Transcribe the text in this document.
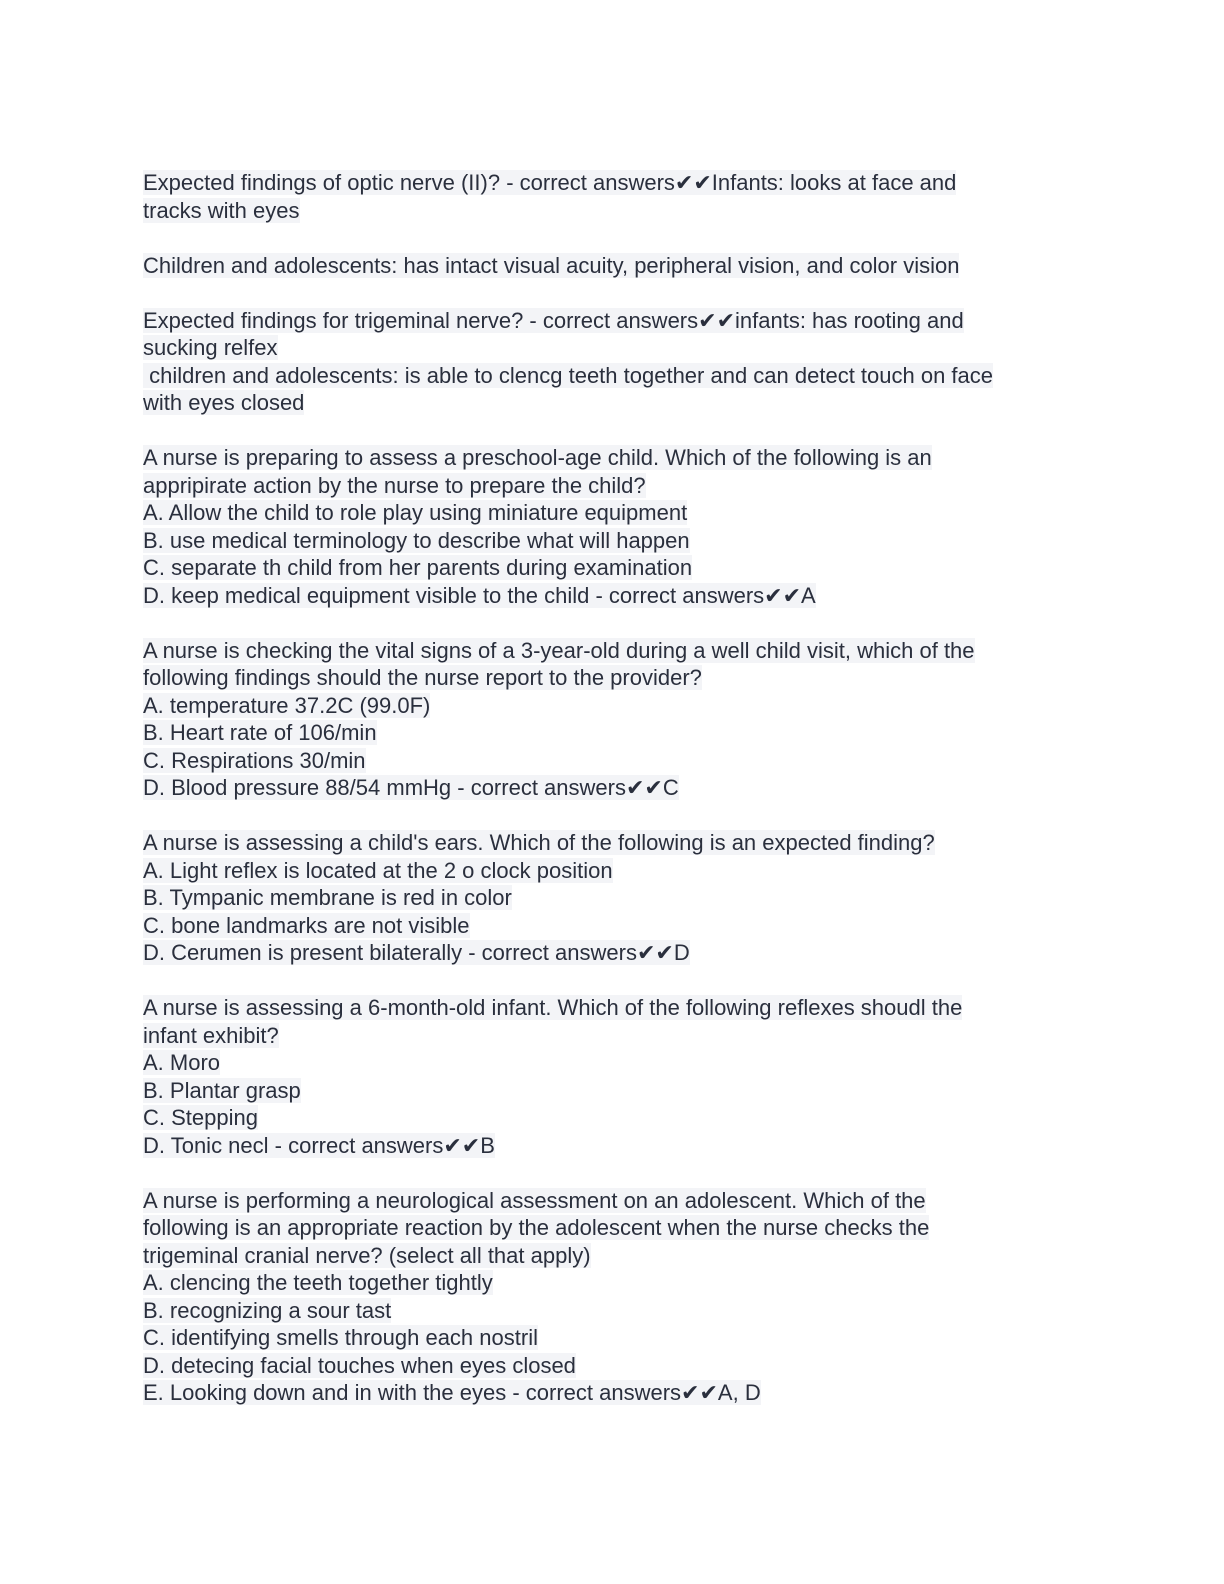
Expected findings of optic nerve (II)? - correct answers✔✔Infants: looks at face and
tracks with eyes
Children and adolescents: has intact visual acuity, peripheral vision, and color vision
Expected findings for trigeminal nerve? - correct answers✔✔infants: has rooting and
sucking relfex
children and adolescents: is able to clencg teeth together and can detect touch on face
with eyes closed
A nurse is preparing to assess a preschool-age child. Which of the following is an
appripirate action by the nurse to prepare the child?
A. Allow the child to role play using miniature equipment
B. use medical terminology to describe what will happen
C. separate th child from her parents during examination
D. keep medical equipment visible to the child - correct answers✔✔A
A nurse is checking the vital signs of a 3-year-old during a well child visit, which of the
following findings should the nurse report to the provider?
A. temperature 37.2C (99.0F)
B. Heart rate of 106/min
C. Respirations 30/min
D. Blood pressure 88/54 mmHg - correct answers✔✔C
A nurse is assessing a child's ears. Which of the following is an expected finding?
A. Light reflex is located at the 2 o clock position
B. Tympanic membrane is red in color
C. bone landmarks are not visible
D. Cerumen is present bilaterally - correct answers✔✔D
A nurse is assessing a 6-month-old infant. Which of the following reflexes shoudl the
infant exhibit?
A. Moro
B. Plantar grasp
C. Stepping
D. Tonic necl - correct answers✔✔B
A nurse is performing a neurological assessment on an adolescent. Which of the
following is an appropriate reaction by the adolescent when the nurse checks the
trigeminal cranial nerve? (select all that apply)
A. clencing the teeth together tightly
B. recognizing a sour tast
C. identifying smells through each nostril
D. detecing facial touches when eyes closed
E. Looking down and in with the eyes - correct answers✔✔A, D
